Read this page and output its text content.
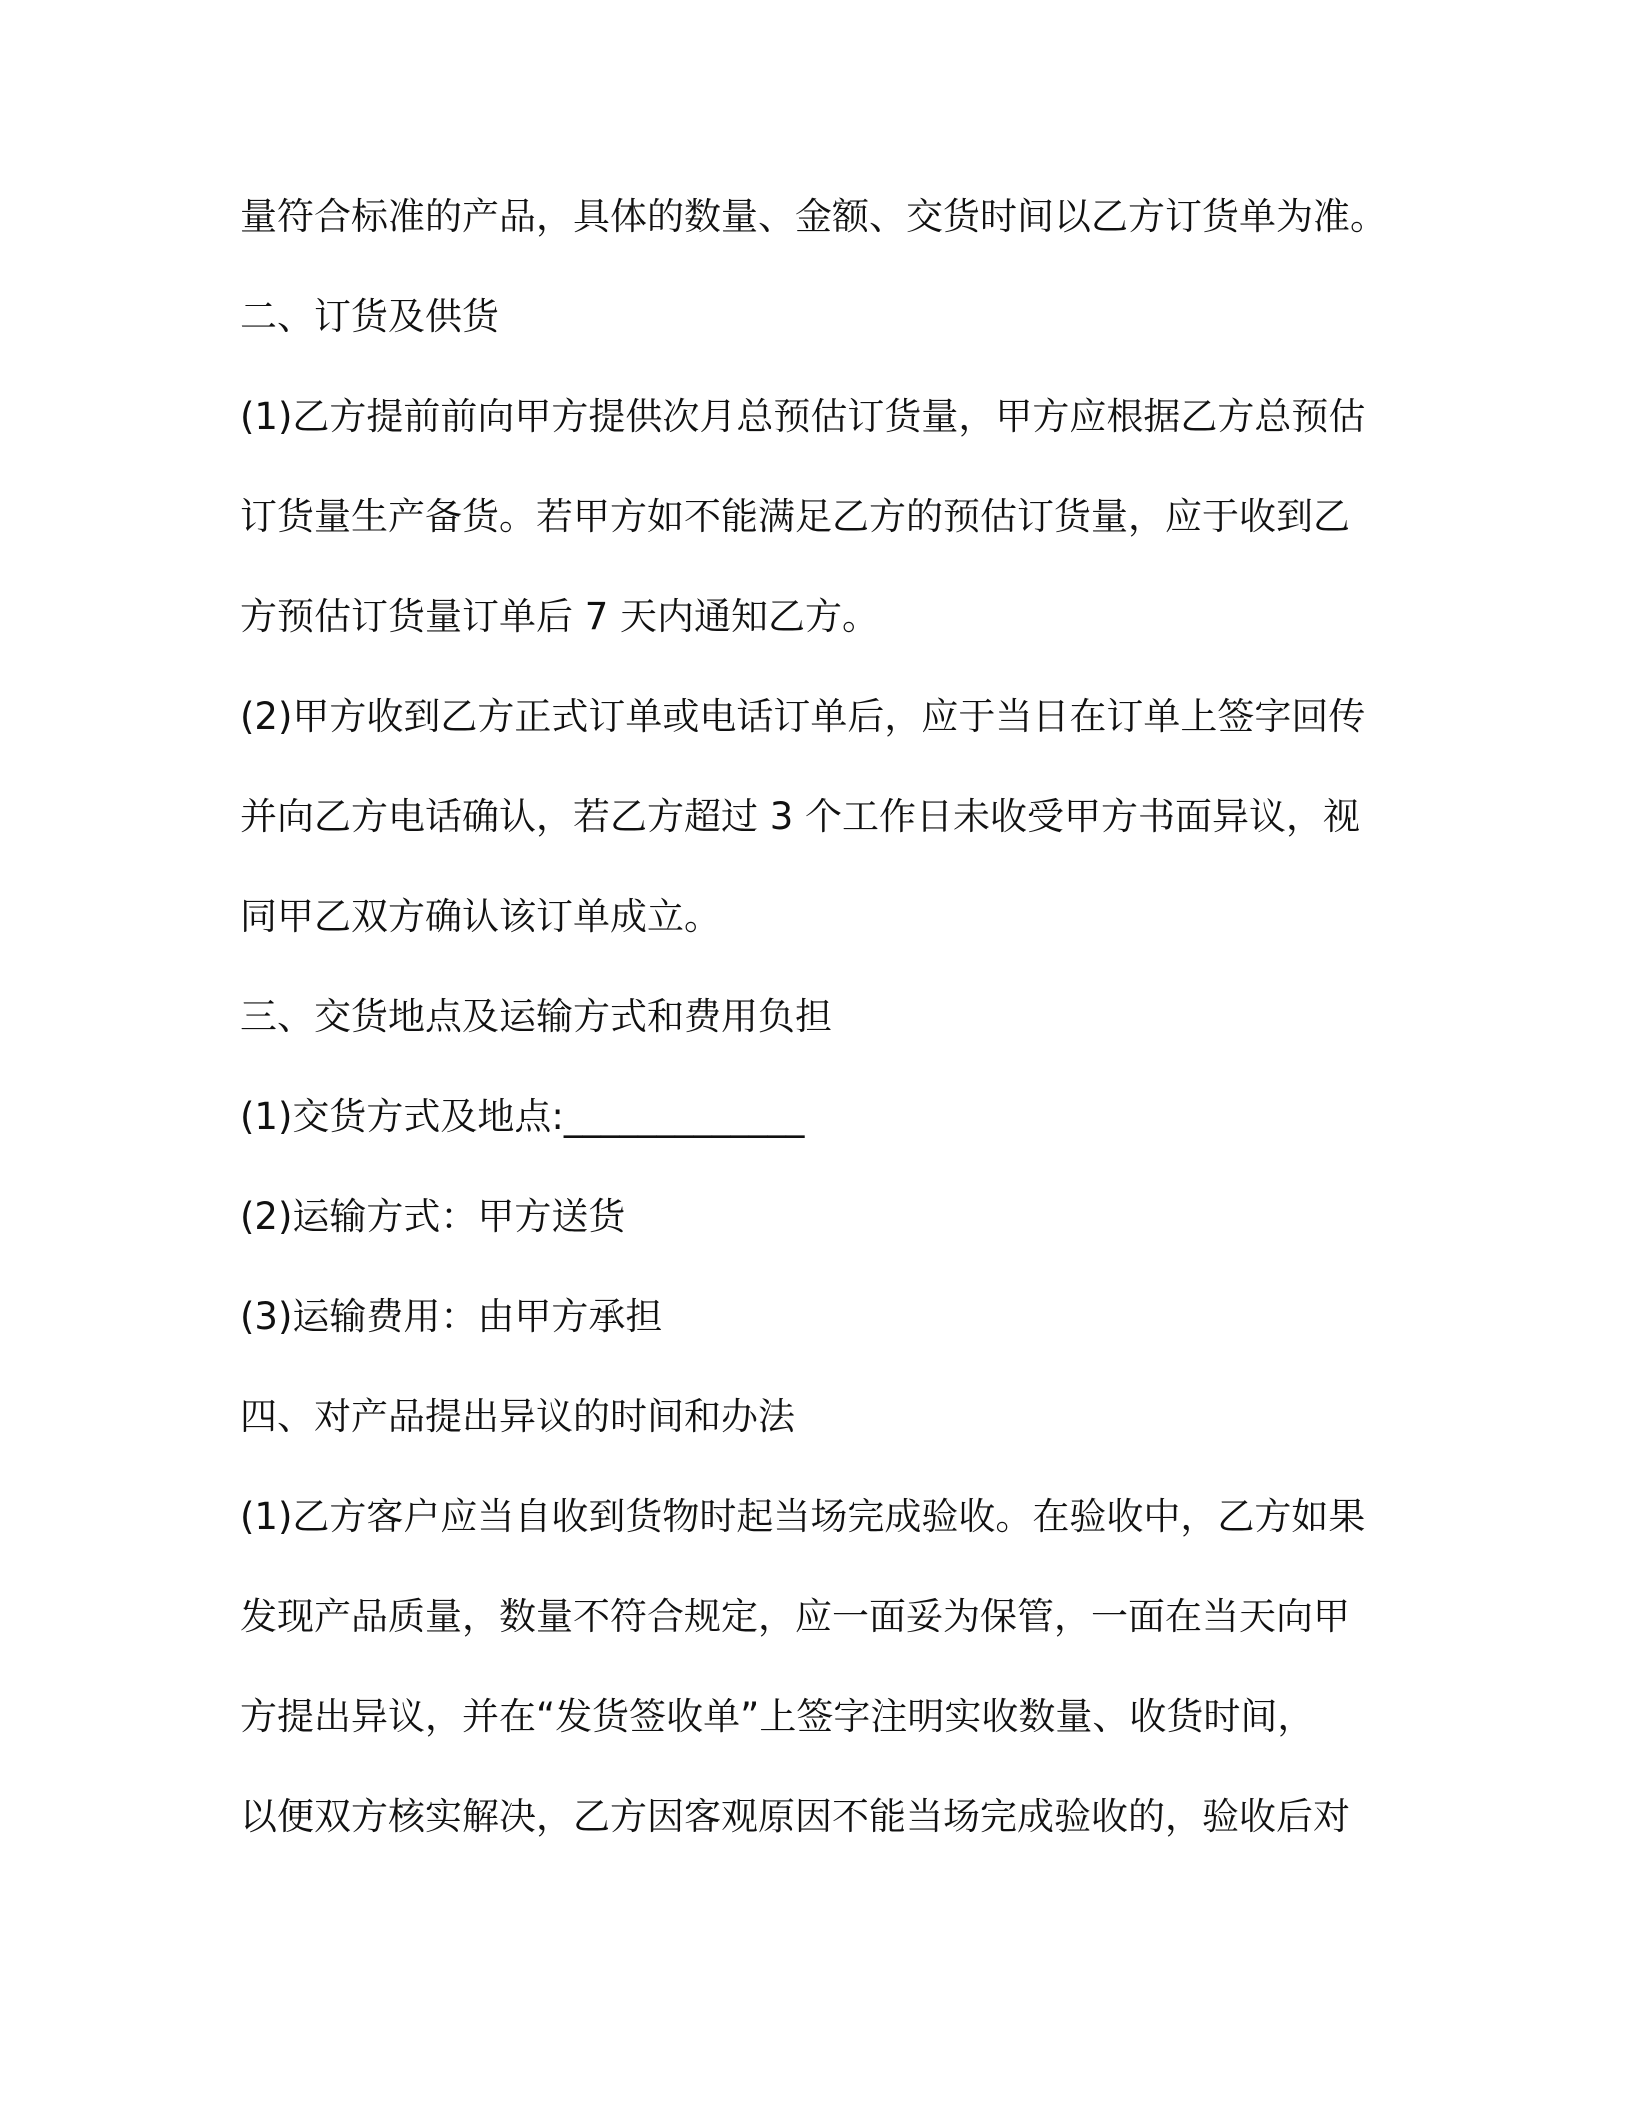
量符合标准的产品，具体的数量、金额、交货时间以乙方订货单为准。
二、订货及供货
(1)乙方提前前向甲方提供次月总预估订货量，甲方应根据乙方总预估
订货量生产备货。若甲方如不能满足乙方的预估订货量，应于收到乙
方预估订货量订单后 7 天内通知乙方。
(2)甲方收到乙方正式订单或电话订单后，应于当日在订单上签字回传
并向乙方电话确认，若乙方超过 3 个工作日未收受甲方书面异议，视
同甲乙双方确认该订单成立。
三、交货地点及运输方式和费用负担
(1)交货方式及地点:_____________
(2)运输方式：甲方送货
(3)运输费用：由甲方承担
四、对产品提出异议的时间和办法
(1)乙方客户应当自收到货物时起当场完成验收。在验收中，乙方如果
发现产品质量，数量不符合规定，应一面妥为保管，一面在当天向甲
方提出异议，并在“发货签收单”上签字注明实收数量、收货时间，
以便双方核实解决，乙方因客观原因不能当场完成验收的，验收后对
